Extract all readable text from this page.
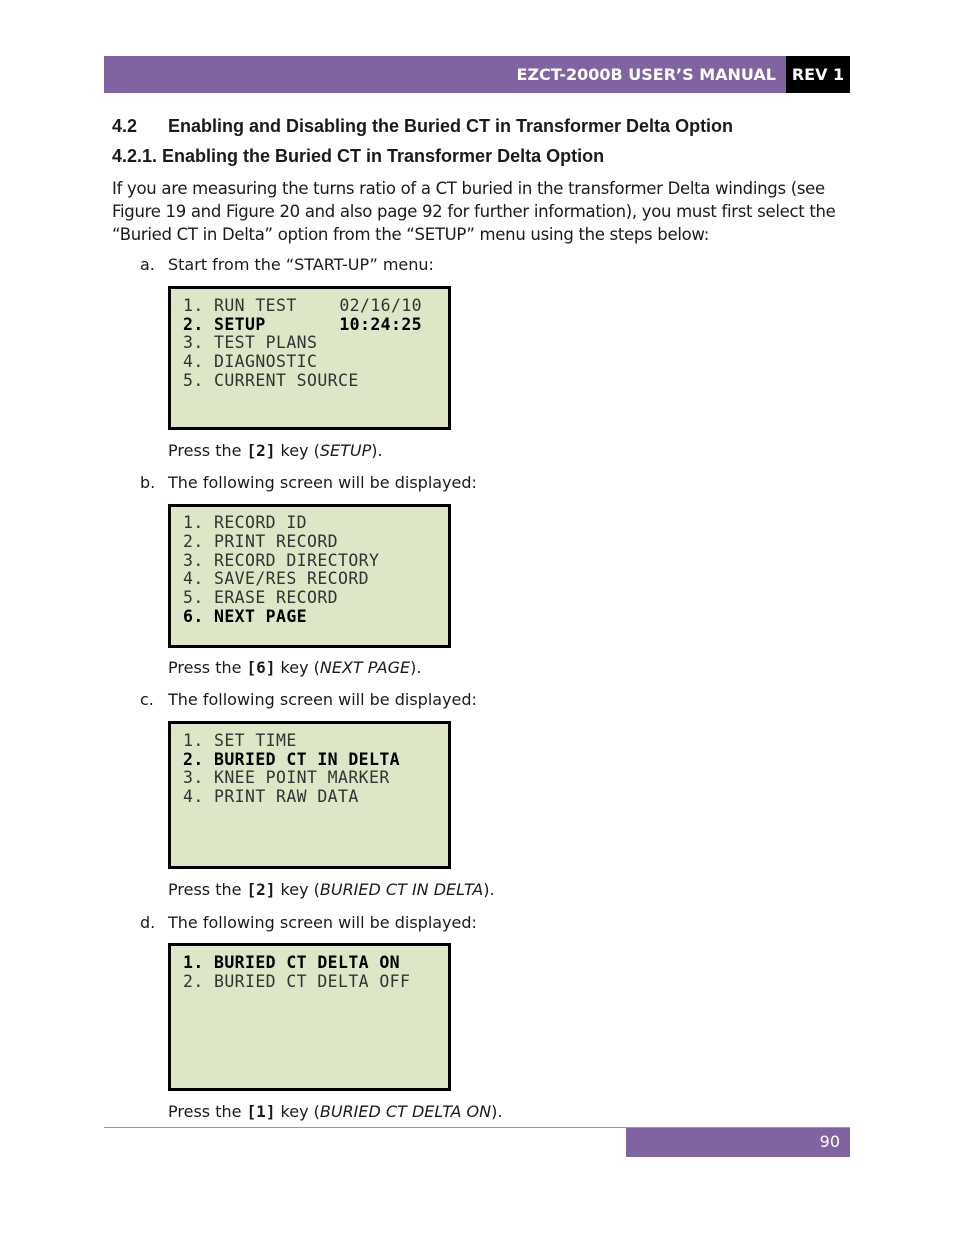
EZCT-2000B USER’S MANUAL REV 1
4.2 Enabling and Disabling the Buried CT in Transformer Delta Option
4.2.1. Enabling the Buried CT in Transformer Delta Option
If you are measuring the turns ratio of a CT buried in the transformer Delta windings (see Figure 19 and Figure 20 and also page 92 for further information), you must first select the “Buried CT in Delta” option from the “SETUP” menu using the steps below:
a. Start from the “START-UP” menu:
1. RUN TEST	02/16/10
2. SETUP	10:24:25
3. TEST PLANS
4. DIAGNOSTIC
5. CURRENT SOURCE
Press the [2] key (SETUP).
b. The following screen will be displayed:
1. RECORD ID
2. PRINT RECORD
3. RECORD DIRECTORY
4. SAVE/RES RECORD
5. ERASE RECORD
6. NEXT PAGE
Press the [6] key (NEXT PAGE).
c. The following screen will be displayed:
1. SET TIME
2. BURIED CT IN DELTA
3. KNEE POINT MARKER
4. PRINT RAW DATA
Press the [2] key (BURIED CT IN DELTA).
d. The following screen will be displayed:
1. BURIED CT DELTA ON
2. BURIED CT DELTA OFF
Press the [1] key (BURIED CT DELTA ON).
90
